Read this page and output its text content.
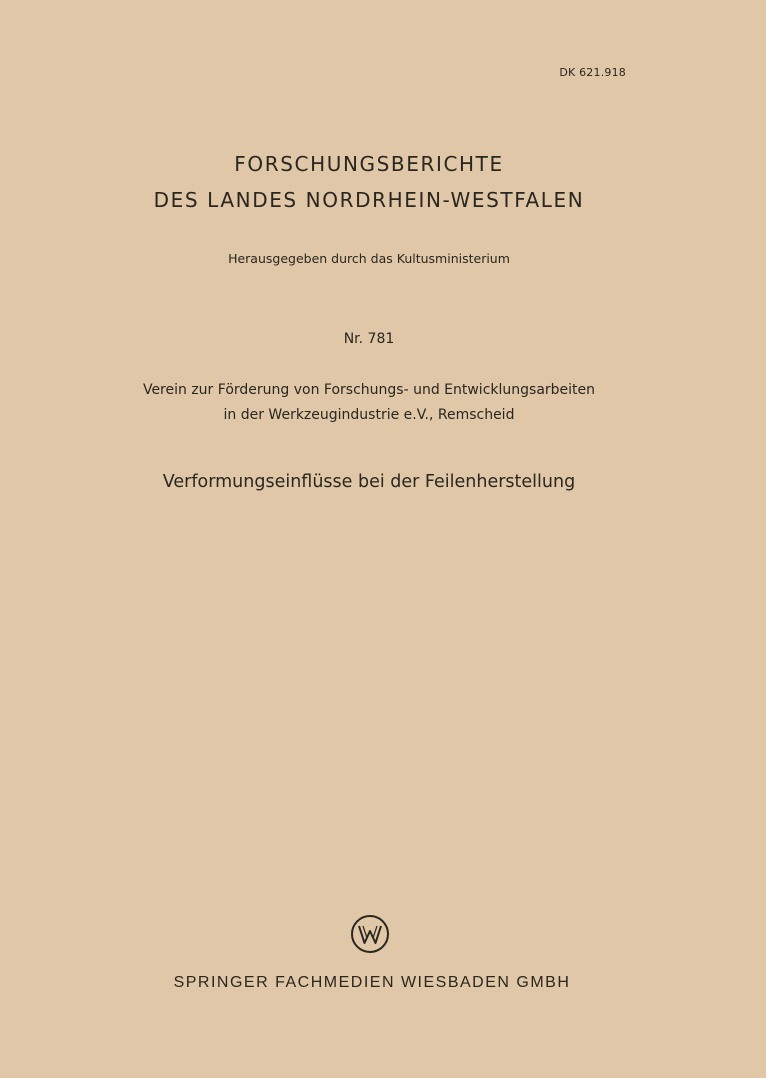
DK 621.918
FORSCHUNGSBERICHTE
DES LANDES NORDRHEIN-WESTFALEN
Herausgegeben durch das Kultusministerium
Nr. 781
Verein zur Förderung von Forschungs- und Entwicklungsarbeiten
in der Werkzeugindustrie e.V., Remscheid
Verformungseinflüsse bei der Feilenherstellung
SPRINGER FACHMEDIEN WIESBADEN GMBH
